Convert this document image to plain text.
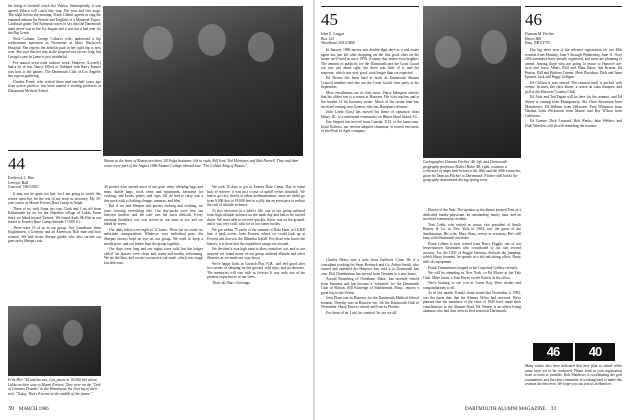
the firing of football coach Joe Yukica. Subsequently, it was agreed Yukica will coach this year. His year and five stags. The night before the meeting, Frank Gilbert agreed in sing the national anthem (in French and English) at a Montreal Expos-Cardinals game. Ted Krimpak writes to say that the Dartmouth team never was in the Ivy league and it was not a bad year for the Big Green.

Nora Cotham, George Cribari's wife, underwent a hip replacement operation in November at Mary Hitchcock Hospital. She reports the arthritis pain in her right hip is now over. She says that her stay at the hospital was far too long, but George's care in Lyme is just wonderful.

For annual town-wide fashion week, Hanover (Loosely) had a lot of fun. Nancy Elliott of Oakland with Barry Kantor was host to the parties. The Dartmouth Club of Los Angeles has a great gathering.

Charles Freed, who retired three and one-half years ago from active practice, has been named a visiting professor at Dartmouth Medical School.

44
Frederick L. Hier
Lovejoy Hall
Concord, NH 03301

It may not be quite too late, for I am going to watch this retiree open fire for the rest of my term as secretary. My 35-year career as Mount Everest Base Camp in Nepal.

Three of us, with Anna, my son, Clark and I, set off from Kathmandu by air for the Nepalese village of Lukla. From there we hiked toward Everest. We found Andy McNitt as our leader to Everest Base Camp (altitude 17,600 ft.).

There were 10 of us in our group: five Canadians, three Englishmen, a German, and an American. Half men and four women. We had seven Sherpa guides who also carried our gear and a Sherpa cook.

Shown in the heart of Russia are three '44 Volga boatmen: left to right, Bill Ived, Ted Mortimer, and Bob Purnell. They and their wives were part of the August 1986 Alumni College abroad tour "The Golden Ring of Russia."

30 porters who carried most of our gear: tents, sleeping bags and mats, duffle bags, food, tents and equipment, kerosene for cooking, and bowls, plates, and cups. All we had to carry was a day-pack with a clothing change, cameras, and film.

But if we had Sherpas and porters looking and cooking, we were carrying everything else. Our day-packs were also our heaviest burden, and the trail was the most difficult. Every morning breakfast, tea, was served in our tents at six, and we hiked by seven.

Our daily hikes were eight to 12 hours. There are no roads, no substitute transportation. Whatever your individual pace, the Sherpas always kept an eye on our group. We tried to keep a steady pace, and our leader kept the group together.

Our days were long and our nights were cold, but the lodges called 'tea houses' were clean and warm and mostly welcoming. We ate dal bhat, and on one occasion a yak steak, which was tough but delicious.

We took 10 days to get to Everest Base Camp. Due to some lack of reserve, it was just a case of uphill verses downhill. We had to go very slowly to allow acclimatization, since we didn't go from 9,000 feet to 18,000 feet in a jiffy but an even pace to reduce the risk of altitude sickness.

At this elevation in a hiker's life, one of our group suffered from high-altitude sickness on the ninth day and had to be carried down. We were able to recover quickly. Snow was on the ground, and it was very cold, with ice in our water bottles.

We got within 75 yards of the summit of Kala Patar, at 18,400 feet, a peak across from Everest, where we could look up at Everest and down to the Khumbu Icefall. For those who know the history, it is there that the expedition camps are located.

We decided it was high time to blow ourselves out, and to our surprise we found many of our group suffered altitude and other illnesses as we made our way down.

We're happy back in Cornish Flat, N.H., and feel good after two weeks of sleeping on the ground, cold trips, and no showers. The memories will stay with us forever. It was truly one of the greatest experiences of our lives.

That's all, Bart. Greetings.

Fritz Hier '44 and his son, Gar, pause at 18,000 feet above Lukla on their way to Mount Everest. They were on the "Trek of Greatest Dreams" in the Himalayas, the first leg of their trek. "Today, That's Everest in the middle of the frame."
30 MARCH 1986
45
John E. Leggat
Box 123
Woodland, MA 01886

In January 1986 moves into double-digit days as a real estate agent has just left after dropping off the first good offer on the house we'd lived in since 1958. A sunny day seems even brighter. The amount of publicity for the Dartmouth and the Coast Guard ran was just about right, but there was little of it, and the response, which was very good, took longer than we expected.

Ed Brown has been hard at work as Dartmouth Alumni Council member and also ran the Coast Guard class party at the September.

More enrollments are in class news. Harry Hampton advises that his oldest son is a senior at Hanover. His wife teaches and is the mother of his business owner. Much of his recent time has involved coming into Geneva, who has Hampton's disease.

John Lamb (Gus) has moved his home of operation from Henry, Ill., to a retirement community on Hilton Head Island, S.C.

Jim Sargent has moved from Canada, N.H. to the same area. Ernie Roberts, our newest adopted classmate, is retired executive of the Rock of Ages company.

Charles Henry sent a note from Guilford, Conn. He is a consultant working for Sears Roebuck and Co. Arthur Smith, who owned and operated the Hanover Inn, sold it to Dartmouth last year. Phil Chamberlain has moved from Vermont to a new home.

Arnold Rotenberg of Needham, Mass., has recently retired from business and has become a 'volunteer' for the Dartmouth Club of Boston. Bill Kittredge of Marblehead, Mass., reports a great trip to the Orient.

John Plum was in Hanover for the Dartmouth Medical School reunion. Dorothy was in Hanover too, for the Dartmouth Club in November. Harry Dorn is retired and lives in Florida.

For those of us, I say, be counted. So say we all.

Cartographer Duncan Fitcher '46, left, and Dartmouth geography professor Robert Huke '48, right, examine a collection of maps held between the 18th and the 20th centuries, given by Duncan Fitcher to Dartmouth. Fitcher still hold's the geography department during spring term.

Doctor of the Year. The speaker at the dinner praised Tom as a dedicated family physician, an outstanding family man, and an involved community resident.

Tom Cable, who retired as senior vice president of Smith Barney & Co. in New York in 1984, was the guest of the Smithsonian. His wife, Mary Shaw, serves as secretary. He's still busy with Dartmouth activities.

Frank Gilbert is now retired from Harry Fuggle, one of our lesser-known classmates who contributed to our rare second success. For the CEO of Fuggle Interests Stalwart ski jumping, which Harry founded, he spends in a ski and skiing office. Harry sells ski equipment.

Frank Zimmerman stopped at the Carpenter Gallery recently.

We will be attending in New York, so Ed Moore at the Yale Club. Mike Jason, a Tom Hayes on the Pacific in his office.

We're looking to see you at Green Key. Best wishes and congratulations to all.

As of last month, Frank's letter stated that November 4, 1985, was the latest date that the Alumni Office had received. We're pleased that the members of the class of 1945 have made their contributions to the Alumni Fund. Ed Vernon is an oldest living alumnus who had thus seen its first season at Dartmouth.

46
Duncan M. Fitcher
Hayes Hill
Etna, NH 03750

Our big news now is the advance registration for our 40th reunion from Monday, June 9 through Wednesday, June 11. Over 200 classmates have already registered, and more are planning to attend. Among those who are going to return to Hanover are: Jack and Joyce Albert, Rolf and Ellen Bates, Jim Bruton, Ed Burton, Bill and Barbara Conner, Herb Davidson, Dick and Janet Epstein, Jack and Peggy Gilligan.

Ed Chilton is now retired. The reunion itself is packed with events: lectures, the class dinner, a cruise on Lake Sunapee, and golf at the Hanover Country Club.

Ed Attis and Ted Fagan will be here for the reunion, and Ed Steese is coming from Montgomery, Ala. Dave Stevenson from Manchester, Ed Webster from Delaware, Fred Whitmore from Nashua, John Wickstrom from Maine, and Ray Wilson from California.

Ed Greene, Dick Leonard, Bob Weeks, Jake Webber, and Dick Winslow will also be attending the reunion.

46	40
Many others also have indicated that they plan to attend while some have yet to be contacted. Please send in your registration form as soon as possible. Bob Matthews is coordinating the golf tournament, and the class committee is working hard to make this reunion the best ever. We hope you can join us in Hanover.
DARTMOUTH ALUMNI MAGAZINE 31
